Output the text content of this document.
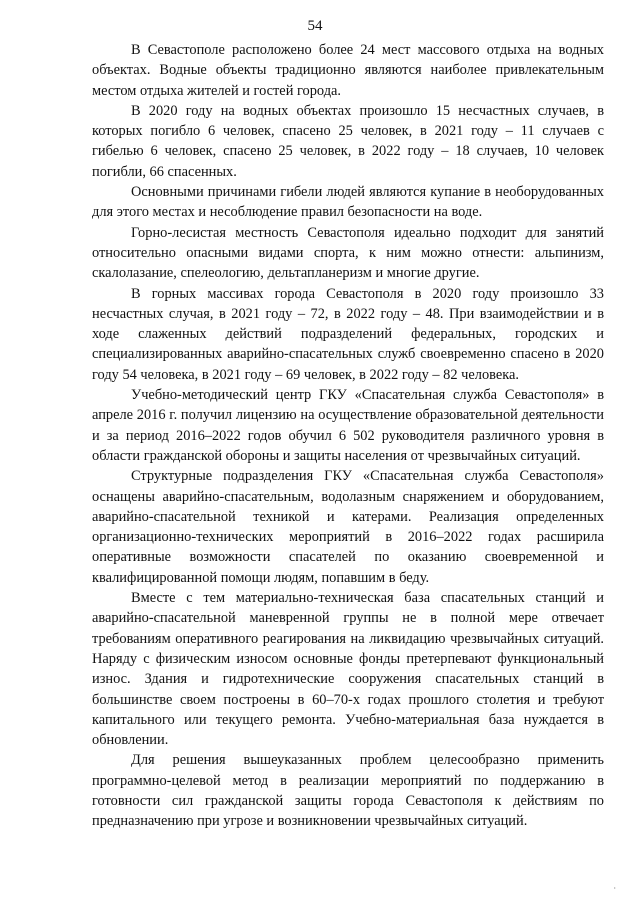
54

В Севастополе расположено более 24 мест массового отдыха на водных объектах. Водные объекты традиционно являются наиболее привлекательным местом отдыха жителей и гостей города.

В 2020 году на водных объектах произошло 15 несчастных случаев, в которых погибло 6 человек, спасено 25 человек, в 2021 году – 11 случаев с гибелью 6 человек, спасено 25 человек, в 2022 году – 18 случаев, 10 человек погибли, 66 спасенных.

Основными причинами гибели людей являются купание в необорудованных для этого местах и несоблюдение правил безопасности на воде.

Горно-лесистая местность Севастополя идеально подходит для занятий относительно опасными видами спорта, к ним можно отнести: альпинизм, скалолазание, спелеологию, дельтапланеризм и многие другие.

В горных массивах города Севастополя в 2020 году произошло 33 несчастных случая, в 2021 году – 72, в 2022 году – 48. При взаимодействии и в ходе слаженных действий подразделений федеральных, городских и специализированных аварийно-спасательных служб своевременно спасено в 2020 году 54 человека, в 2021 году – 69 человек, в 2022 году – 82 человека.

Учебно-методический центр ГКУ «Спасательная служба Севастополя» в апреле 2016 г. получил лицензию на осуществление образовательной деятельности и за период 2016–2022 годов обучил 6 502 руководителя различного уровня в области гражданской обороны и защиты населения от чрезвычайных ситуаций.

Структурные подразделения ГКУ «Спасательная служба Севастополя» оснащены аварийно-спасательным, водолазным снаряжением и оборудованием, аварийно-спасательной техникой и катерами. Реализация определенных организационно-технических мероприятий в 2016–2022 годах расширила оперативные возможности спасателей по оказанию своевременной и квалифицированной помощи людям, попавшим в беду.

Вместе с тем материально-техническая база спасательных станций и аварийно-спасательной маневренной группы не в полной мере отвечает требованиям оперативного реагирования на ликвидацию чрезвычайных ситуаций. Наряду с физическим износом основные фонды претерпевают функциональный износ. Здания и гидротехнические сооружения спасательных станций в большинстве своем построены в 60–70-х годах прошлого столетия и требуют капитального или текущего ремонта. Учебно-материальная база нуждается в обновлении.

Для решения вышеуказанных проблем целесообразно применить программно-целевой метод в реализации мероприятий по поддержанию в готовности сил гражданской защиты города Севастополя к действиям по предназначению при угрозе и возникновении чрезвычайных ситуаций.

·
